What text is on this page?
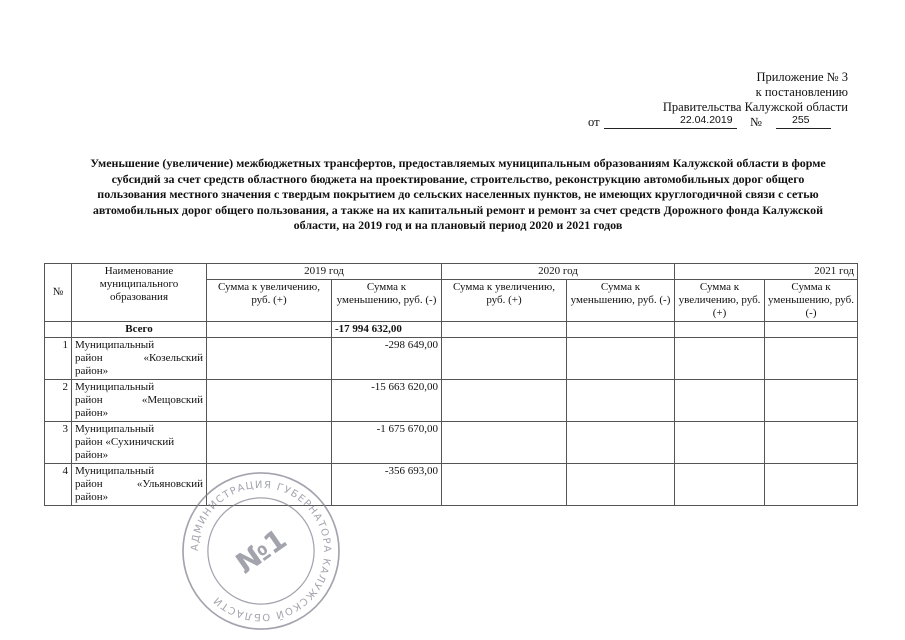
Приложение № 3
к постановлению
Правительства Калужской области
от	22.04.2019 №	255
Уменьшение (увеличение) межбюджетных трансфертов, предоставляемых муниципальным образованиям Калужской области в форме субсидий за счет средств областного бюджета на проектирование, строительство, реконструкцию автомобильных дорог общего пользования местного значения с твердым покрытием до сельских населенных пунктов, не имеющих круглогодичной связи с сетью автомобильных дорог общего пользования, а также на их капитальный ремонт и ремонт за счет средств Дорожного фонда Калужской области, на 2019 год и на плановый период 2020 и 2021 годов
№	Наименование муниципального образования	2019 год		2020 год		2021 год	
		Сумма к увеличению, руб. (+)	Сумма к уменьшению, руб. (-)	Сумма к увеличению, руб. (+)	Сумма к уменьшению, руб. (-)	Сумма к увеличению, руб. (+)	Сумма к уменьшению, руб. (-)
	Всего		-17 994 632,00				
1	Муниципальный
район «Козельский
район»		-298 649,00				
2	Муниципальный
район «Мещовский
район»		-15 663 620,00				
3	Муниципальный
район «Сухиничский
район»		-1 675 670,00				
4	Муниципальный
район «Ульяновский
район»		-356 693,00				
АДМИНИСТРАЦИЯ ГУБЕРНАТОРА КАЛУЖСКОЙ ОБЛАСТИ
№1
